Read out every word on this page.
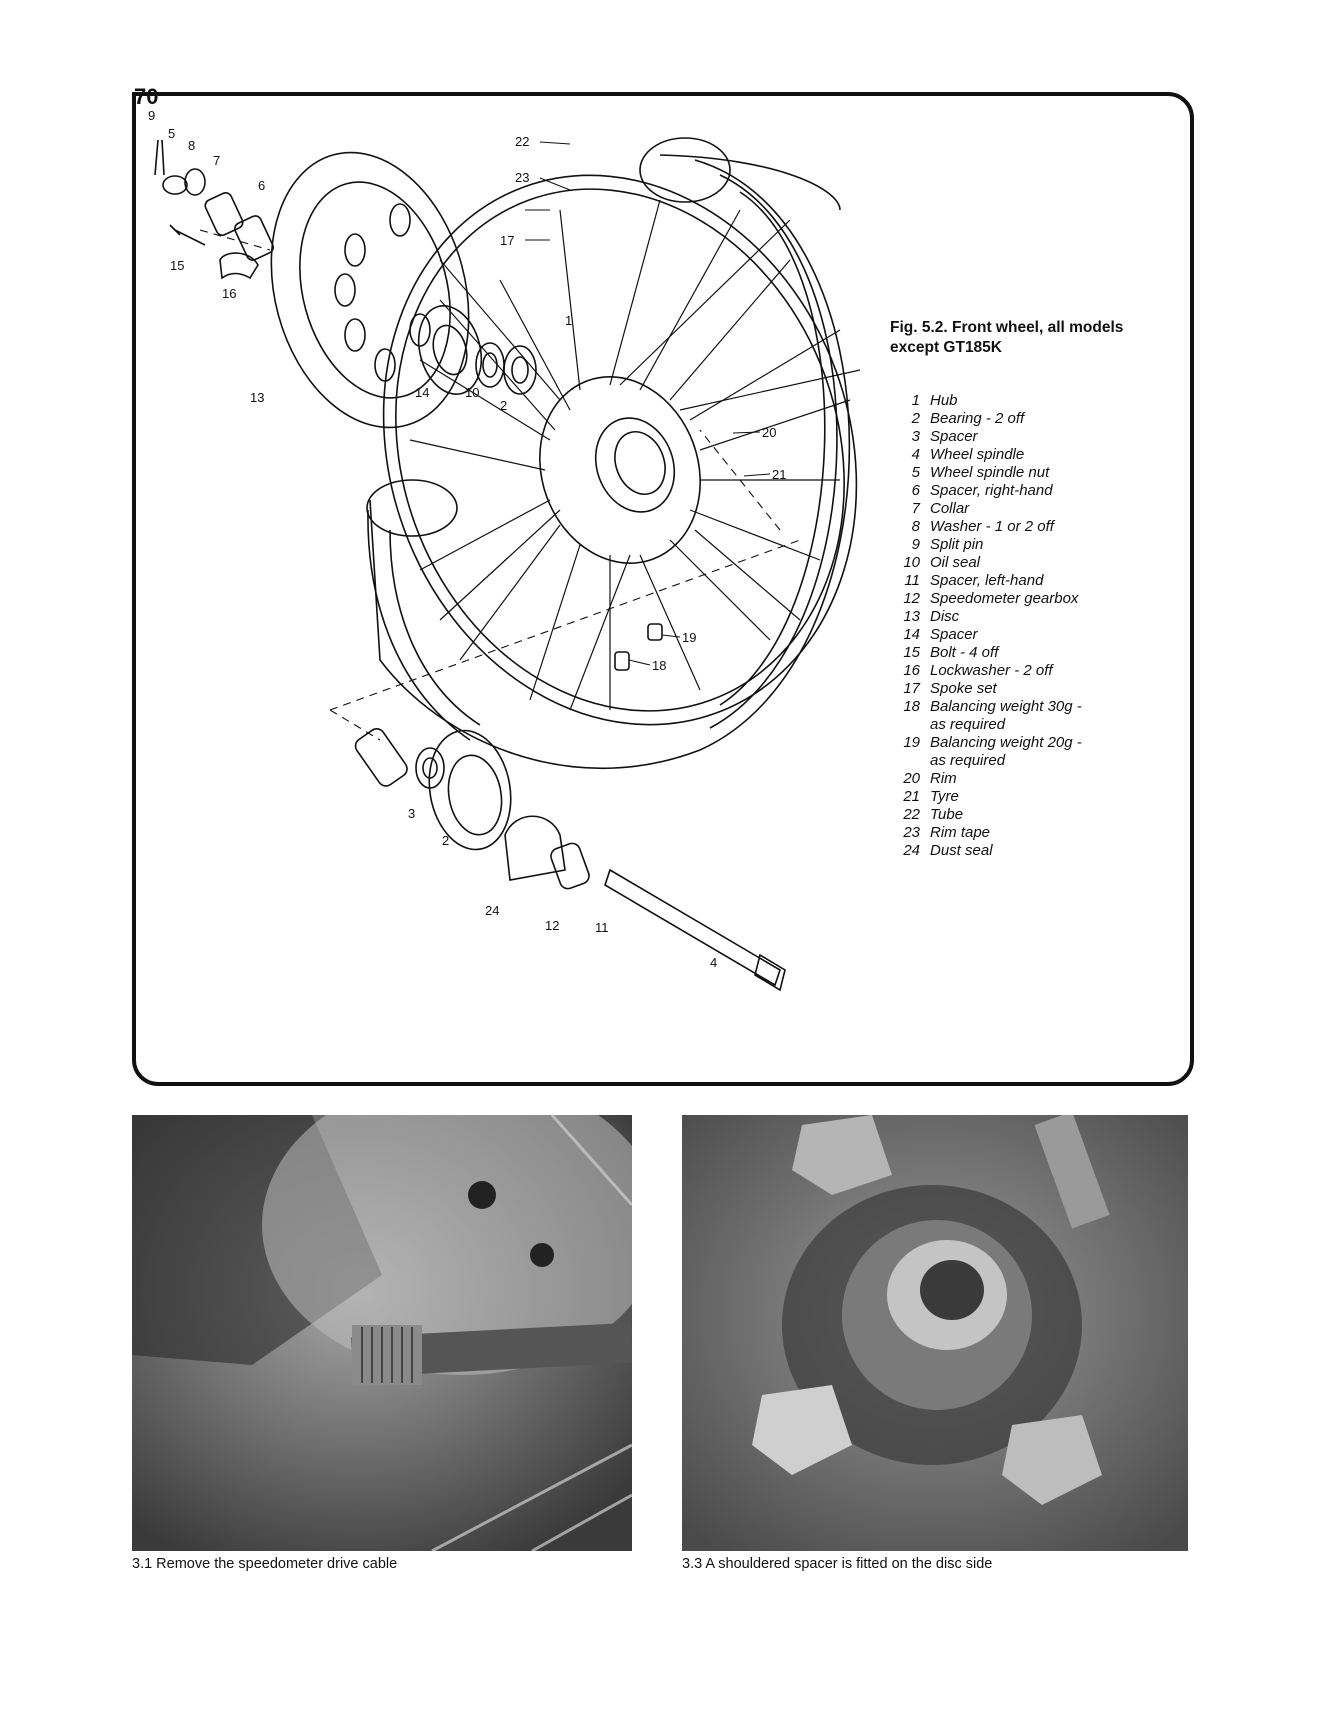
70
9
5
8
7
6
15
16
13	14	10
2
1
22
23
17
20
21
19
18
3
2
24
12	11
4
Fig. 5.2. Front wheel, all models
except GT185K
1 Hub
2 Bearing - 2 off
3 Spacer
4 Wheel spindle
5 Wheel spindle nut
6 Spacer, right-hand
7 Collar
8 Washer - 1 or 2 off
9 Split pin
10 Oil seal
11 Spacer, left-hand
12 Speedometer gearbox
13 Disc
14 Spacer
15 Bolt - 4 off
16 Lockwasher - 2 off
17 Spoke set
18 Balancing weight 30g -
as required
19 Balancing weight 20g -
as required
20 Rim
21 Tyre
22 Tube
23 Rim tape
24 Dust seal
3.1 Remove the speedometer drive cable	3.3 A shouldered spacer is fitted on the disc side
